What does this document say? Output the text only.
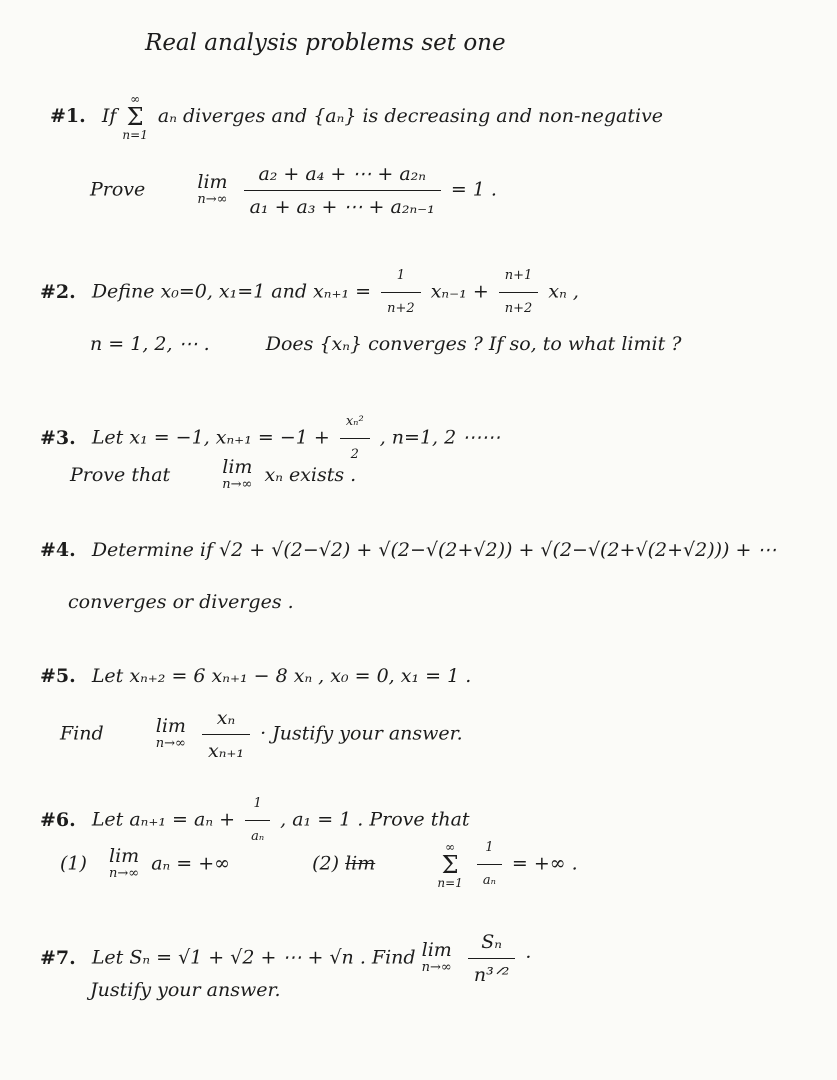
Real analysis problems set one
#1. If
∞
Σ
n=1
aₙ diverges and {aₙ} is decreasing and non-negative
Prove	lim
n→∞
$\frac{\text{a₂ + a₄ + ⋯ + a₂ₙ}}{\text{a₁ + a₃ + ⋯ + a₂ₙ₋₁}} = 1$ .
#2. Define x₀=0, x₁=1 and $x_{n+1} = \frac{1}{n+2} x_{n-1} + \frac{n+1}{n+2}$ xₙ ,
n = 1, 2, ⋯ .	Does {xₙ} converges ? If so, to what limit ?
#3. Let x₁ = −1, $x_{n+1} = -1 + \frac{\text{xₙ²}}{2}$ , n=1, 2 ⋯⋯
Prove that	lim
n→∞ xₙ exists .
#4. Determine if √2 + √(2−√2) + √(2−√(2+√2)) + √(2−√(2+√(2+√2))) + ⋯
converges or diverges .
#5. Let xₙ₊₂ = 6 xₙ₊₁ − 8 xₙ , x₀ = 0, x₁ = 1 .
Find	lim
n→∞
$\frac{\text{xₙ}}{\text{xₙ₊₁}}$ · Justify your answer.
#6. Let $a_{n+1} = a_n + \frac{1}{\text{aₙ}}$ , a₁ = 1 . Prove that
(1) lim
n→∞ aₙ = +∞	(2) lim
∞
Σ
n=1
$\frac{1}{\text{aₙ}}$ = +∞ .
#7. Let Sₙ = √1 + √2 + ⋯ + √n . Find lim
n→∞
$\frac{\text{Sₙ}}{\text{n³ᐟ²}}$ ·
Justify your answer.
